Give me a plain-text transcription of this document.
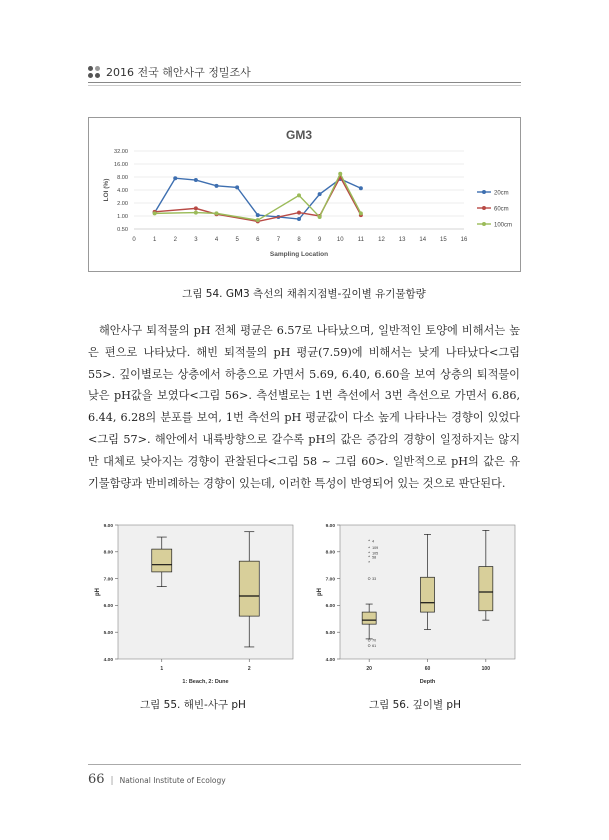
2016 전국 해안사구 정밀조사
GM3
32.00
16.00
8.00
4.00
2.00
1.00
0.50
0	1	2	3	4	5	6	7	8	9	10 11 12 13 14 15 16
Sampling Location
LOI (%)	20cm
60cm
100cm
그림 54. GM3 측선의 채취지점별-깊이별 유기물함량

해안사구 퇴적물의 pH 전체 평균은 6.57로 나타났으며, 일반적인 토양에 비해서는 높은 편으로 나타났다. 해빈 퇴적물의 pH 평균(7.59)에 비해서는 낮게 나타났다<그림 55>. 깊이별로는 상층에서 하층으로 가면서 5.69, 6.40, 6.60을 보여 상층의 퇴적물이 낮은 pH값을 보였다<그림 56>. 측선별로는 1번 측선에서 3번 측선으로 가면서 6.86, 6.44, 6.28의 분포를 보여, 1번 측선의 pH 평균값이 다소 높게 나타나는 경향이 있었다<그림 57>. 해안에서 내륙방향으로 갈수록 pH의 값은 증감의 경향이 일정하지는 않지만 대체로 낮아지는 경향이 관찰된다<그림 58 ~ 그림 60>. 일반적으로 pH의 값은 유기물함량과 반비례하는 경향이 있는데, 이러한 특성이 반영되어 있는 것으로 판단된다.

9.00
8.00
7.00
6.00
5.00
4.00
pH
1: Beach, 2: Dune
1	2
그림 55. 해빈-사구 pH
9.00
8.00
7.00
6.00
5.00
4.00
pH
Depth
20	60	100
* 4
* 109
* 105
* 58
*
33
70
61
그림 56. 깊이별 pH
66 | National Institute of Ecology
